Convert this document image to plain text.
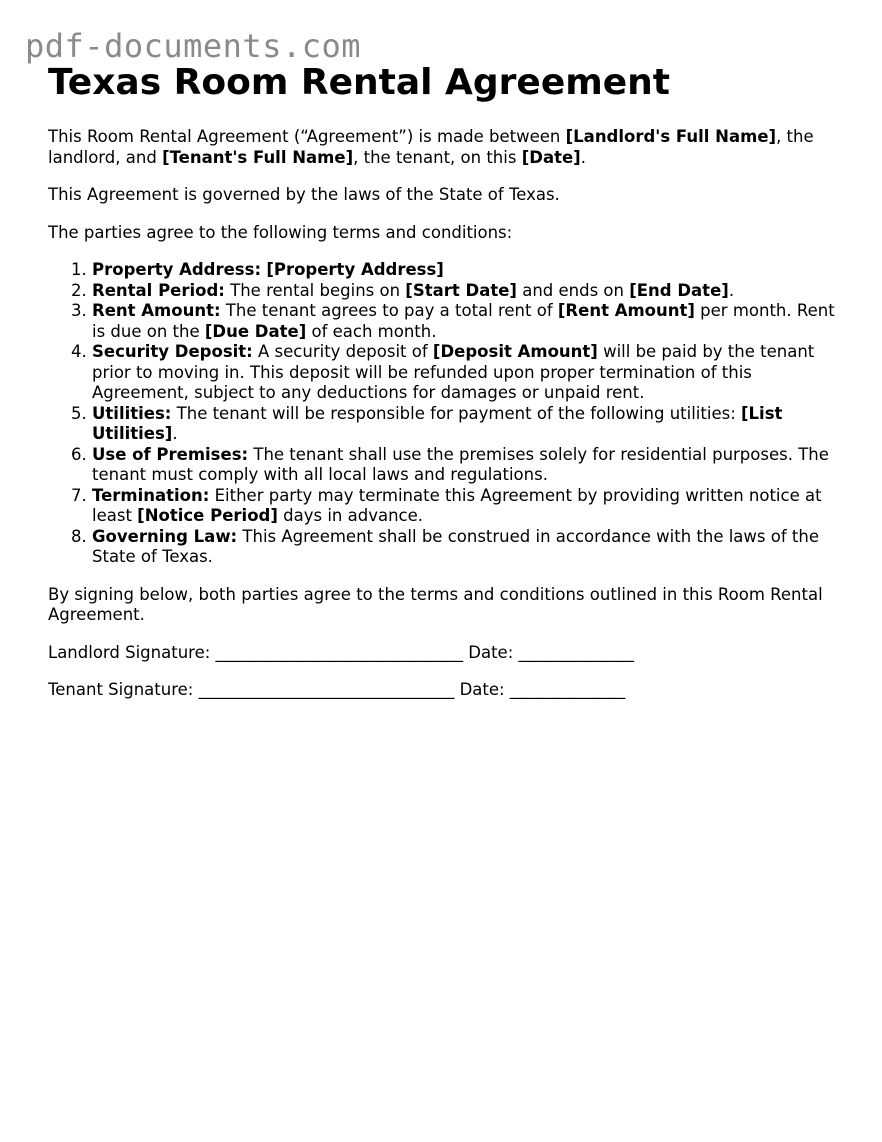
pdf-documents.com
Texas Room Rental Agreement

This Room Rental Agreement (“Agreement”) is made between [Landlord's Full Name], the landlord, and [Tenant's Full Name], the tenant, on this [Date].

This Agreement is governed by the laws of the State of Texas.

The parties agree to the following terms and conditions:

1. Property Address: [Property Address]
2. Rental Period: The rental begins on [Start Date] and ends on [End Date].
3. Rent Amount: The tenant agrees to pay a total rent of [Rent Amount] per month. Rent is due on the [Due Date] of each month.
4. Security Deposit: A security deposit of [Deposit Amount] will be paid by the tenant prior to moving in. This deposit will be refunded upon proper termination of this Agreement, subject to any deductions for damages or unpaid rent.
5. Utilities: The tenant will be responsible for payment of the following utilities: [List Utilities].
6. Use of Premises: The tenant shall use the premises solely for residential purposes. The tenant must comply with all local laws and regulations.
7. Termination: Either party may terminate this Agreement by providing written notice at least [Notice Period] days in advance.
8. Governing Law: This Agreement shall be construed in accordance with the laws of the State of Texas.

By signing below, both parties agree to the terms and conditions outlined in this Room Rental Agreement.

Landlord Signature: ______________________________ Date: ______________

Tenant Signature: _______________________________ Date: ______________
